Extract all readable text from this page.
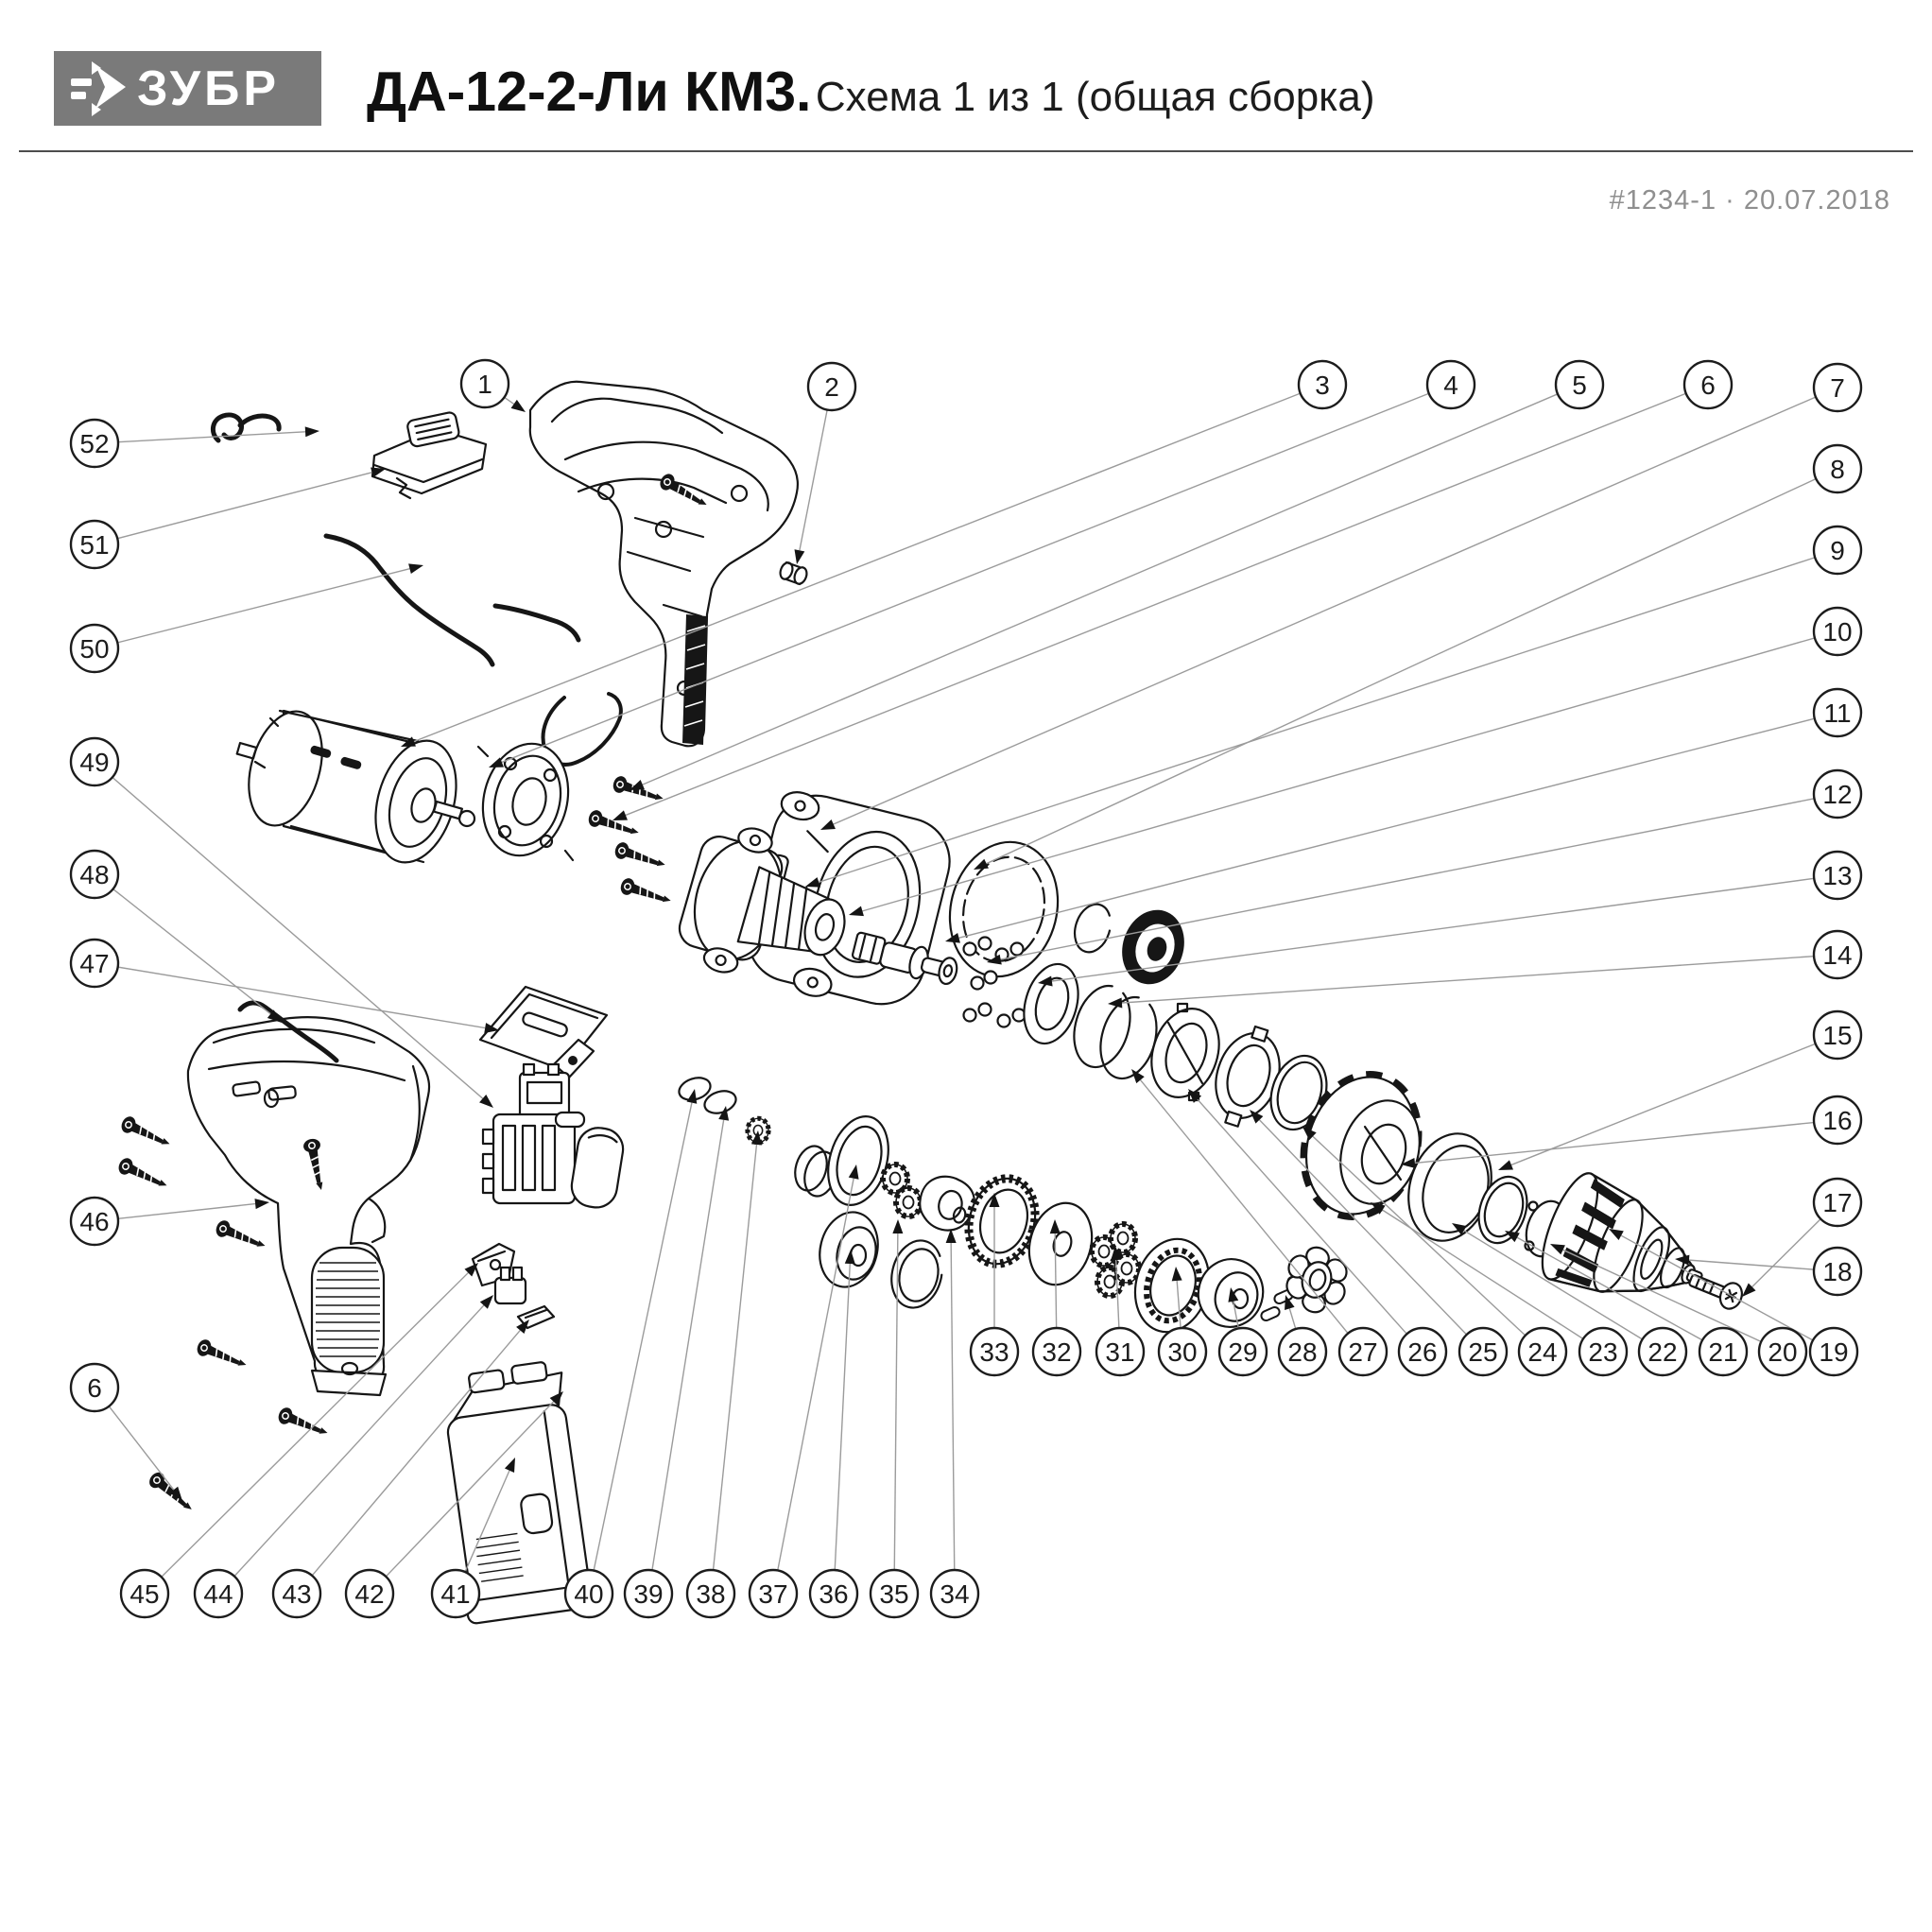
1	2	3	4	5	6	7
8
9
10
11
12
13
14
15
16
17
18
19
20
21
22
23
24
25
26
27
28
29
30
31
32
33
34
35
36
37
38
39
40
41
42
43
44
45
46
6
47
48
49
50
51
52
ЗУБР ДА-12-2-Ли КМ3. Схема 1 из 1 (общая сборка)
#1234-1 · 20.07.2018
